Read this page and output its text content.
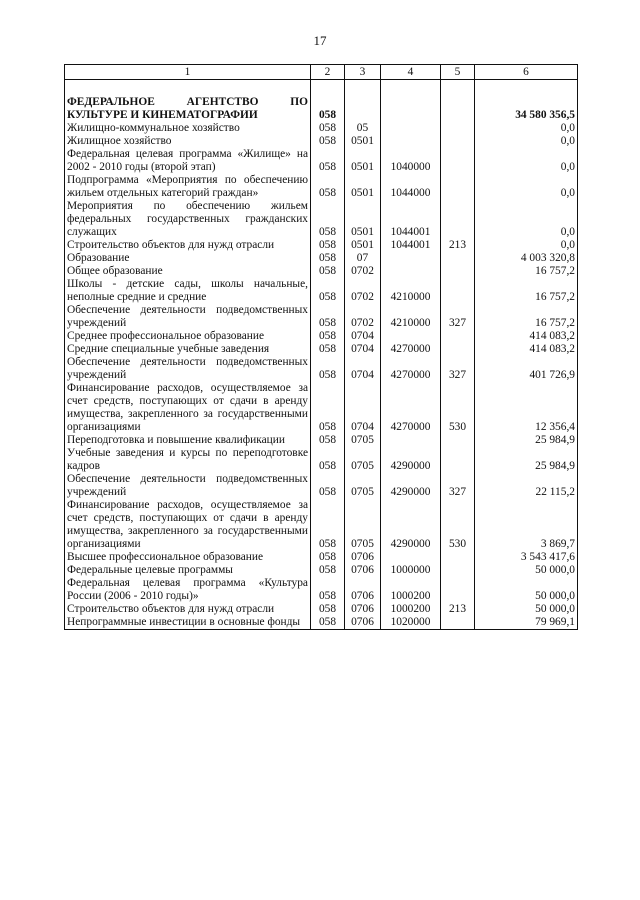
17
1	2	3	4	5	6
ФЕДЕРАЛЬНОЕ АГЕНТСТВО ПО КУЛЬТУРЕ И КИНЕМАТОГРАФИИ	058				34 580 356,5
Жилищно-коммунальное хозяйство	058	05			0,0
Жилищное хозяйство	058	0501			0,0
Федеральная целевая программа «Жилище» на 2002 - 2010 годы (второй этап)	058	0501	1040000		0,0
Подпрограмма «Мероприятия по обеспечению жильем отдельных категорий граждан»	058	0501	1044000		0,0
Мероприятия по обеспечению жильем федеральных государственных гражданских служащих	058	0501	1044001		0,0
Строительство объектов для нужд отрасли	058	0501	1044001	213	0,0
Образование	058	07			4 003 320,8
Общее образование	058	0702			16 757,2
Школы - детские сады, школы начальные, неполные средние и средние	058	0702	4210000		16 757,2
Обеспечение деятельности подведомственных учреждений	058	0702	4210000	327	16 757,2
Среднее профессиональное образование	058	0704			414 083,2
Средние специальные учебные заведения	058	0704	4270000		414 083,2
Обеспечение деятельности подведомственных учреждений	058	0704	4270000	327	401 726,9
Финансирование расходов, осуществляемое за счет средств, поступающих от сдачи в аренду имущества, закрепленного за государственными организациями	058	0704	4270000	530	12 356,4
Переподготовка и повышение квалификации	058	0705			25 984,9
Учебные заведения и курсы по переподготовке кадров	058	0705	4290000		25 984,9
Обеспечение деятельности подведомственных учреждений	058	0705	4290000	327	22 115,2
Финансирование расходов, осуществляемое за счет средств, поступающих от сдачи в аренду имущества, закрепленного за государственными организациями	058	0705	4290000	530	3 869,7
Высшее профессиональное образование	058	0706			3 543 417,6
Федеральные целевые программы	058	0706	1000000		50 000,0
Федеральная целевая программа «Культура России (2006 - 2010 годы)»	058	0706	1000200		50 000,0
Строительство объектов для нужд отрасли	058	0706	1000200	213	50 000,0
Непрограммные инвестиции в основные фонды	058	0706	1020000		79 969,1
